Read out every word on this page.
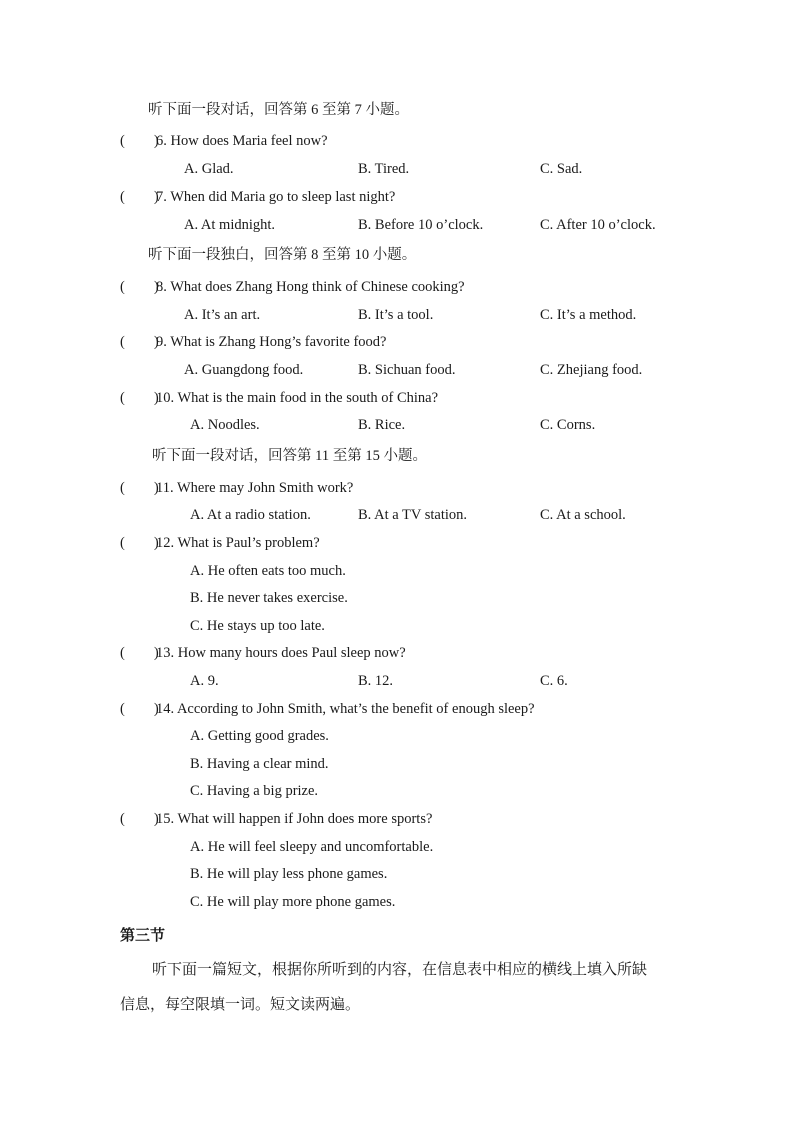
听下面一段对话，回答第 6 至第 7 小题。
(        )
6. How does Maria feel now?
A. Glad.	B. Tired.	C. Sad.
(        )
7. When did Maria go to sleep last night?
A. At midnight.	B. Before 10 o’clock.	C. After 10 o’clock.
听下面一段独白，回答第 8 至第 10 小题。
(        )
8. What does Zhang Hong think of Chinese cooking?
A. It’s an art.	B. It’s a tool.	C. It’s a method.
(        )
9. What is Zhang Hong’s favorite food?
A. Guangdong food.	B. Sichuan food.	C. Zhejiang food.
(        )
10. What is the main food in the south of China?
A. Noodles.	B. Rice.	C. Corns.
听下面一段对话，回答第 11 至第 15 小题。
(        )
11. Where may John Smith work?
A. At a radio station.	B. At a TV station.	C. At a school.
(        )
12. What is Paul’s problem?
A. He often eats too much.
B. He never takes exercise.
C. He stays up too late.
(        )
13. How many hours does Paul sleep now?
A. 9.	B. 12.	C. 6.
(        )
14. According to John Smith, what’s the benefit of enough sleep?
A. Getting good grades.
B. Having a clear mind.
C. Having a big prize.
(        )
15. What will happen if John does more sports?
A. He will feel sleepy and uncomfortable.
B. He will play less phone games.
C. He will play more phone games.
第三节
听下面一篇短文，根据你所听到的内容，在信息表中相应的横线上填入所缺
信息，每空限填一词。短文读两遍。
